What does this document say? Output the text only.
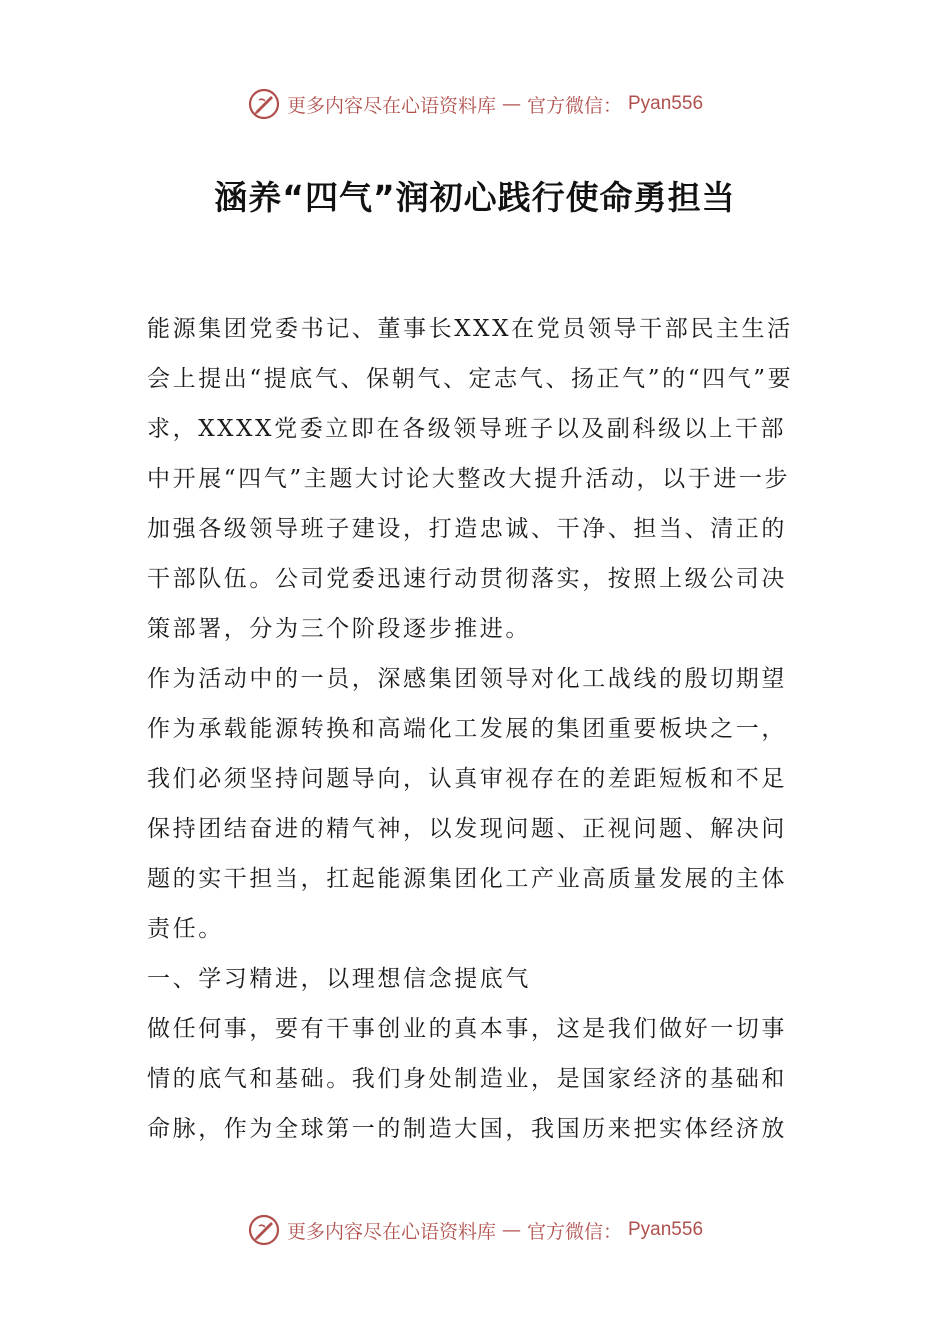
更多内容尽在心语资料库 — 官方微信： Pyan556
涵养“四气”润初心践行使命勇担当

能源集团党委书记、董事长XXX在党员领导干部民主生活会上提出“提底气、保朝气、定志气、扬正气”的“四气”要求，XXXX党委立即在各级领导班子以及副科级以上干部中开展“四气”主题大讨论大整改大提升活动，以于进一步加强各级领导班子建设，打造忠诚、干净、担当、清正的干部队伍。公司党委迅速行动贯彻落实，按照上级公司决策部署，分为三个阶段逐步推进。

作为活动中的一员，深感集团领导对化工战线的殷切期望作为承载能源转换和高端化工发展的集团重要板块之一，我们必须坚持问题导向，认真审视存在的差距短板和不足保持团结奋进的精气神，以发现问题、正视问题、解决问题的实干担当，扛起能源集团化工产业高质量发展的主体责任。

一、学习精进，以理想信念提底气

做任何事，要有干事创业的真本事，这是我们做好一切事情的底气和基础。我们身处制造业，是国家经济的基础和命脉，作为全球第一的制造大国，我国历来把实体经济放

更多内容尽在心语资料库 — 官方微信： Pyan556
